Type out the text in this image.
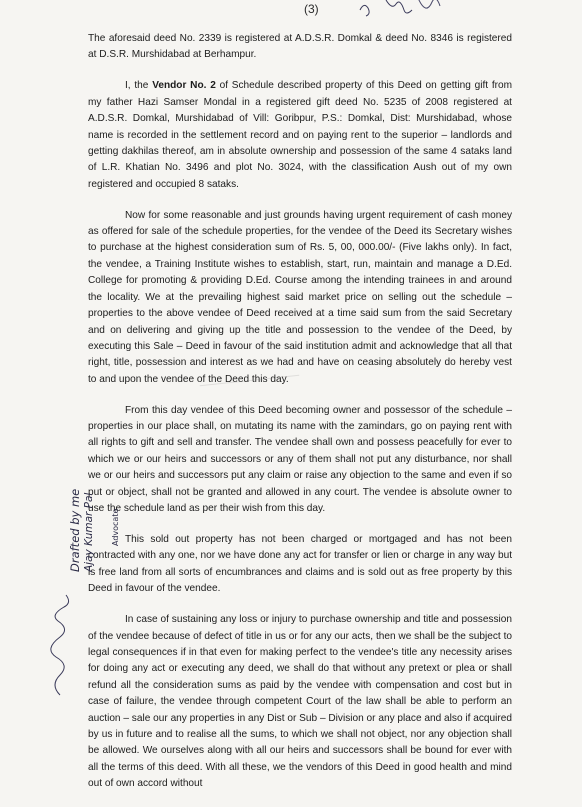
(3)

The aforesaid deed No. 2339 is registered at A.D.S.R. Domkal & deed No. 8346 is registered at D.S.R. Murshidabad at Berhampur.

I, the Vendor No. 2 of Schedule described property of this Deed on getting gift from my father Hazi Samser Mondal in a registered gift deed No. 5235 of 2008 registered at A.D.S.R. Domkal, Murshidabad of Vill: Goribpur, P.S.: Domkal, Dist: Murshidabad, whose name is recorded in the settlement record and on paying rent to the superior – landlords and getting dakhilas thereof, am in absolute ownership and possession of the same 4 sataks land of L.R. Khatian No. 3496 and plot No. 3024, with the classification Aush out of my own registered and occupied 8 sataks.

Now for some reasonable and just grounds having urgent requirement of cash money as offered for sale of the schedule properties, for the vendee of the Deed its Secretary wishes to purchase at the highest consideration sum of Rs. 5, 00, 000.00/- (Five lakhs only). In fact, the vendee, a Training Institute wishes to establish, start, run, maintain and manage a D.Ed. College for promoting & providing D.Ed. Course among the intending trainees in and around the locality. We at the prevailing highest said market price on selling out the schedule – properties to the above vendee of Deed received at a time said sum from the said Secretary and on delivering and giving up the title and possession to the vendee of the Deed, by executing this Sale – Deed in favour of the said institution admit and acknowledge that all that right, title, possession and interest as we had and have on ceasing absolutely do hereby vest to and upon the vendee of the Deed this day.

From this day vendee of this Deed becoming owner and possessor of the schedule – properties in our place shall, on mutating its name with the zamindars, go on paying rent with all rights to gift and sell and transfer. The vendee shall own and possess peacefully for ever to which we or our heirs and successors or any of them shall not put any disturbance, nor shall we or our heirs and successors put any claim or raise any objection to the same and even if so put or object, shall not be granted and allowed in any court. The vendee is absolute owner to use the schedule land as per their wish from this day.

This sold out property has not been charged or mortgaged and has not been contracted with any one, nor we have done any act for transfer or lien or charge in any way but is free land from all sorts of encumbrances and claims and is sold out as free property by this Deed in favour of the vendee.

In case of sustaining any loss or injury to purchase ownership and title and possession of the vendee because of defect of title in us or for any our acts, then we shall be the subject to legal consequences if in that even for making perfect to the vendee's title any necessity arises for doing any act or executing any deed, we shall do that without any pretext or plea or shall refund all the consideration sums as paid by the vendee with compensation and cost but in case of failure, the vendee through competent Court of the law shall be able to perform an auction – sale our any properties in any Dist or Sub – Division or any place and also if acquired by us in future and to realise all the sums, to which we shall not object, nor any objection shall be allowed. We ourselves along with all our heirs and successors shall be bound for ever with all the terms of this deed. With all these, we the vendors of this Deed in good health and mind out of own accord without

Drafted by me Ajay Kumar Pal Advocate
